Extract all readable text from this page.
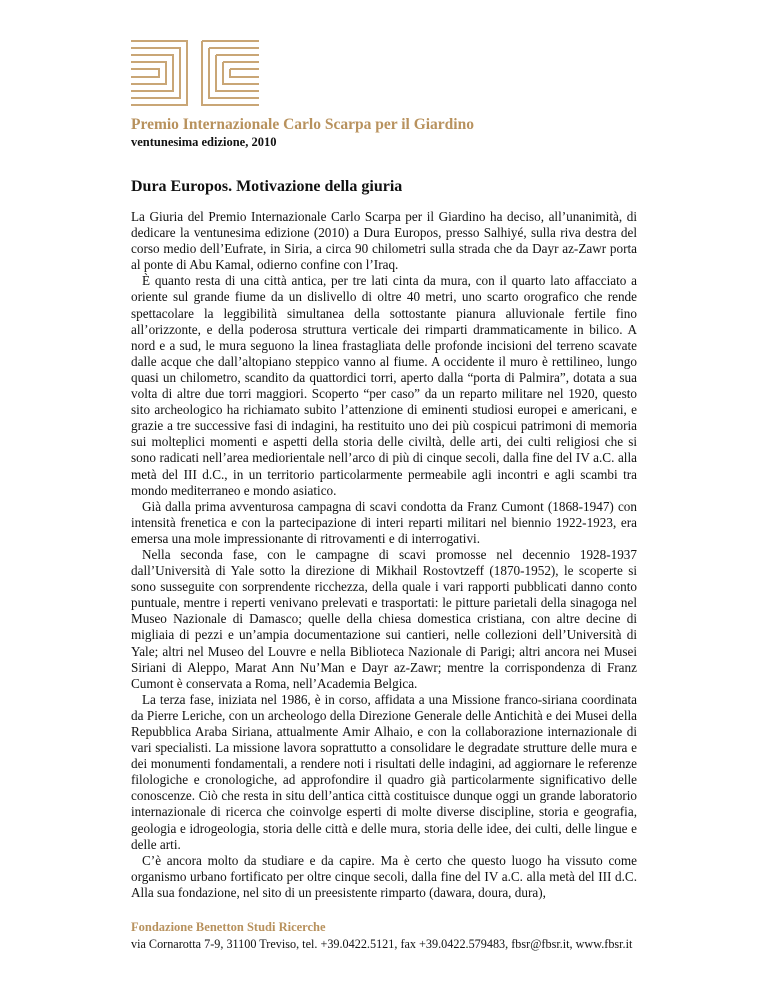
Premio Internazionale Carlo Scarpa per il Giardino

ventunesima edizione, 2010

Dura Europos. Motivazione della giuria

La Giuria del Premio Internazionale Carlo Scarpa per il Giardino ha deciso, all’unanimità, di dedicare la ventunesima edizione (2010) a Dura Europos, presso Salhiyé, sulla riva destra del corso medio dell’Eufrate, in Siria, a circa 90 chilometri sulla strada che da Dayr az-Zawr porta al ponte di Abu Kamal, odierno confine con l’Iraq.

È quanto resta di una città antica, per tre lati cinta da mura, con il quarto lato affacciato a oriente sul grande fiume da un dislivello di oltre 40 metri, uno scarto orografico che rende spettacolare la leggibilità simultanea della sottostante pianura alluvionale fertile fino all’orizzonte, e della poderosa struttura verticale dei rimparti drammaticamente in bilico. A nord e a sud, le mura seguono la linea frastagliata delle profonde incisioni del terreno scavate dalle acque che dall’altopiano steppico vanno al fiume. A occidente il muro è rettilineo, lungo quasi un chilometro, scandito da quattordici torri, aperto dalla “porta di Palmira”, dotata a sua volta di altre due torri maggiori. Scoperto “per caso” da un reparto militare nel 1920, questo sito archeologico ha richiamato subito l’attenzione di eminenti studiosi europei e americani, e grazie a tre successive fasi di indagini, ha restituito uno dei più cospicui patrimoni di memoria sui molteplici momenti e aspetti della storia delle civiltà, delle arti, dei culti religiosi che si sono radicati nell’area mediorientale nell’arco di più di cinque secoli, dalla fine del IV a.C. alla metà del III d.C., in un territorio particolarmente permeabile agli incontri e agli scambi tra mondo mediterraneo e mondo asiatico.

Già dalla prima avventurosa campagna di scavi condotta da Franz Cumont (1868-1947) con intensità frenetica e con la partecipazione di interi reparti militari nel biennio 1922-1923, era emersa una mole impressionante di ritrovamenti e di interrogativi.

Nella seconda fase, con le campagne di scavi promosse nel decennio 1928-1937 dall’Università di Yale sotto la direzione di Mikhail Rostovtzeff (1870-1952), le scoperte si sono susseguite con sorprendente ricchezza, della quale i vari rapporti pubblicati danno conto puntuale, mentre i reperti venivano prelevati e trasportati: le pitture parietali della sinagoga nel Museo Nazionale di Damasco; quelle della chiesa domestica cristiana, con altre decine di migliaia di pezzi e un’ampia documentazione sui cantieri, nelle collezioni dell’Università di Yale; altri nel Museo del Louvre e nella Biblioteca Nazionale di Parigi; altri ancora nei Musei Siriani di Aleppo, Marat Ann Nu’Man e Dayr az-Zawr; mentre la corrispondenza di Franz Cumont è conservata a Roma, nell’Academia Belgica.

La terza fase, iniziata nel 1986, è in corso, affidata a una Missione franco-siriana coordinata da Pierre Leriche, con un archeologo della Direzione Generale delle Antichità e dei Musei della Repubblica Araba Siriana, attualmente Amir Alhaio, e con la collaborazione internazionale di vari specialisti. La missione lavora soprattutto a consolidare le degradate strutture delle mura e dei monumenti fondamentali, a rendere noti i risultati delle indagini, ad aggiornare le referenze filologiche e cronologiche, ad approfondire il quadro già particolarmente significativo delle conoscenze. Ciò che resta in situ dell’antica città costituisce dunque oggi un grande laboratorio internazionale di ricerca che coinvolge esperti di molte diverse discipline, storia e geografia, geologia e idrogeologia, storia delle città e delle mura, storia delle idee, dei culti, delle lingue e delle arti.

C’è ancora molto da studiare e da capire. Ma è certo che questo luogo ha vissuto come organismo urbano fortificato per oltre cinque secoli, dalla fine del IV a.C. alla metà del III d.C. Alla sua fondazione, nel sito di un preesistente rimparto (dawara, doura, dura),

Fondazione Benetton Studi Ricerche

via Cornarotta 7-9, 31100 Treviso, tel. +39.0422.5121, fax +39.0422.579483, fbsr@fbsr.it, www.fbsr.it
